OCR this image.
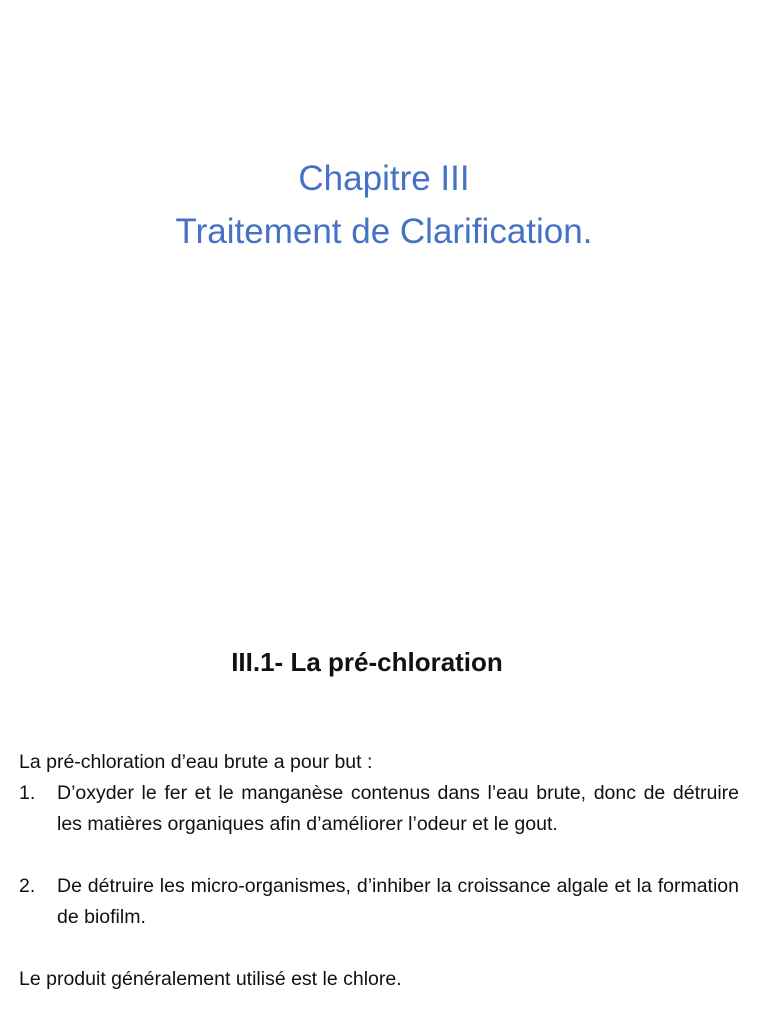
Chapitre III
Traitement de Clarification.
III.1- La pré-chloration

La pré-chloration d’eau brute a pour but :

1.	D’oxyder le fer et le manganèse contenus dans l’eau brute, donc de détruire les matières organiques afin d’améliorer l’odeur et le gout.
2.	De détruire les micro-organismes, d’inhiber la croissance algale et la formation de biofilm.

Le produit généralement utilisé est le chlore.
